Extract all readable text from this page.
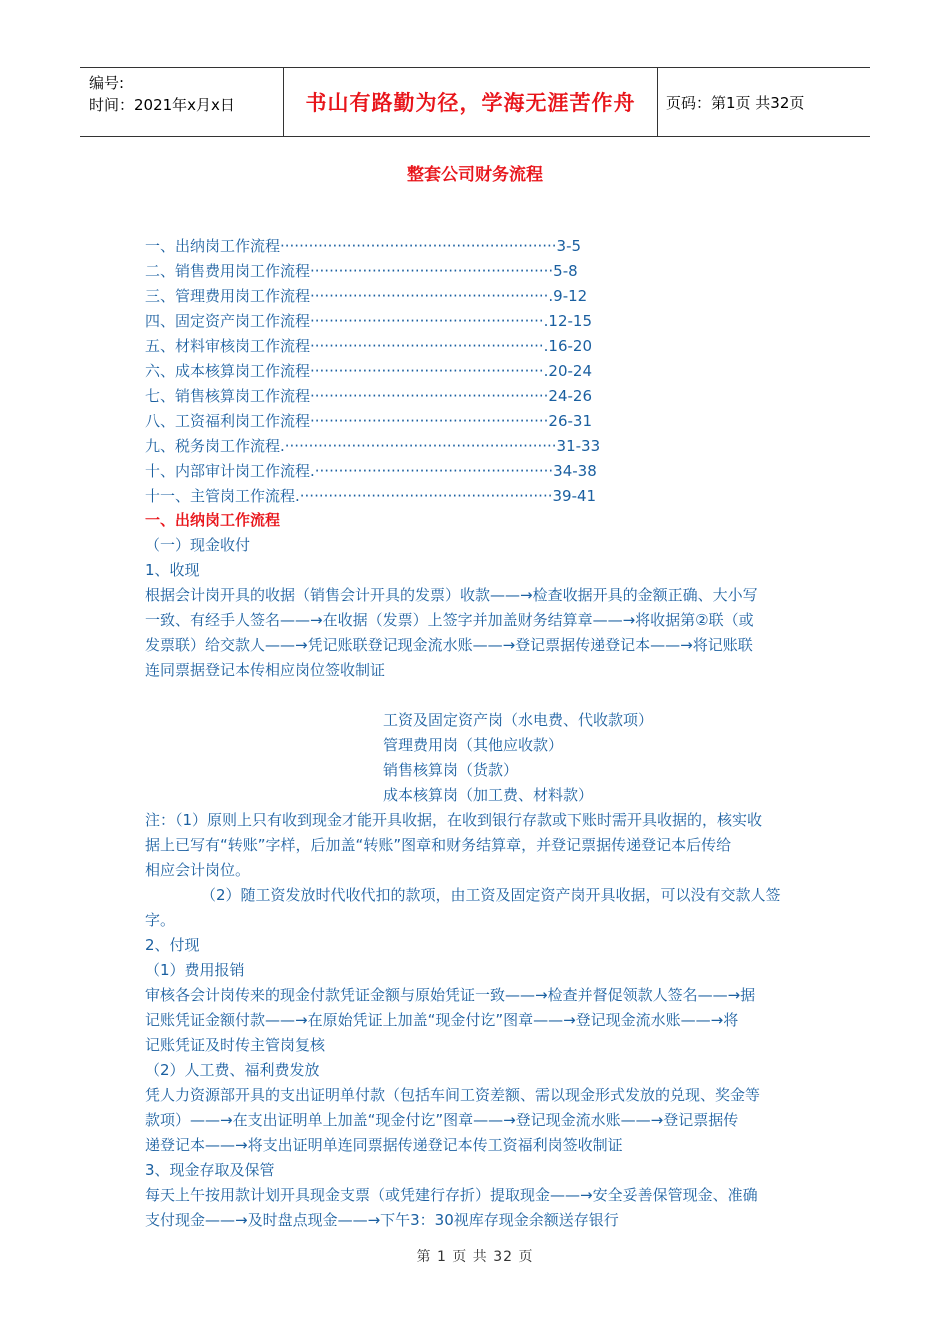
编号:
时间：2021年x月x日	书山有路勤为径，学海无涯苦作舟	页码：第1页 共32页
整套公司财务流程
一、出纳岗工作流程··························································3-5
二、销售费用岗工作流程···················································5-8
三、管理费用岗工作流程··················································.9-12
四、固定资产岗工作流程·················································.12-15
五、材料审核岗工作流程·················································.16-20
六、成本核算岗工作流程·················································.20-24
七、销售核算岗工作流程··················································24-26
八、工资福利岗工作流程··················································26-31
九、税务岗工作流程.·························································31-33
十、内部审计岗工作流程.··················································34-38
十一、主管岗工作流程.·····················································39-41
一、出纳岗工作流程
（一）现金收付
1、收现
根据会计岗开具的收据（销售会计开具的发票）收款——→检查收据开具的金额正确、大小写
一致、有经手人签名——→在收据（发票）上签字并加盖财务结算章——→将收据第②联（或
发票联）给交款人——→凭记账联登记现金流水账——→登记票据传递登记本——→将记账联
连同票据登记本传相应岗位签收制证
工资及固定资产岗（水电费、代收款项）
管理费用岗（其他应收款）
销售核算岗（货款）
成本核算岗（加工费、材料款）
注：（1）原则上只有收到现金才能开具收据，在收到银行存款或下账时需开具收据的，核实收
据上已写有“转账”字样，后加盖“转账”图章和财务结算章，并登记票据传递登记本后传给
相应会计岗位。
（2）随工资发放时代收代扣的款项，由工资及固定资产岗开具收据，可以没有交款人签
字。
2、付现
（1）费用报销
审核各会计岗传来的现金付款凭证金额与原始凭证一致——→检查并督促领款人签名——→据
记账凭证金额付款——→在原始凭证上加盖“现金付讫”图章——→登记现金流水账——→将
记账凭证及时传主管岗复核
（2）人工费、福利费发放
凭人力资源部开具的支出证明单付款（包括车间工资差额、需以现金形式发放的兑现、奖金等
款项）——→在支出证明单上加盖“现金付讫”图章——→登记现金流水账——→登记票据传
递登记本——→将支出证明单连同票据传递登记本传工资福利岗签收制证
3、现金存取及保管
每天上午按用款计划开具现金支票（或凭建行存折）提取现金——→安全妥善保管现金、准确
支付现金——→及时盘点现金——→下午3：30视库存现金余额送存银行
第 1 页 共 32 页
